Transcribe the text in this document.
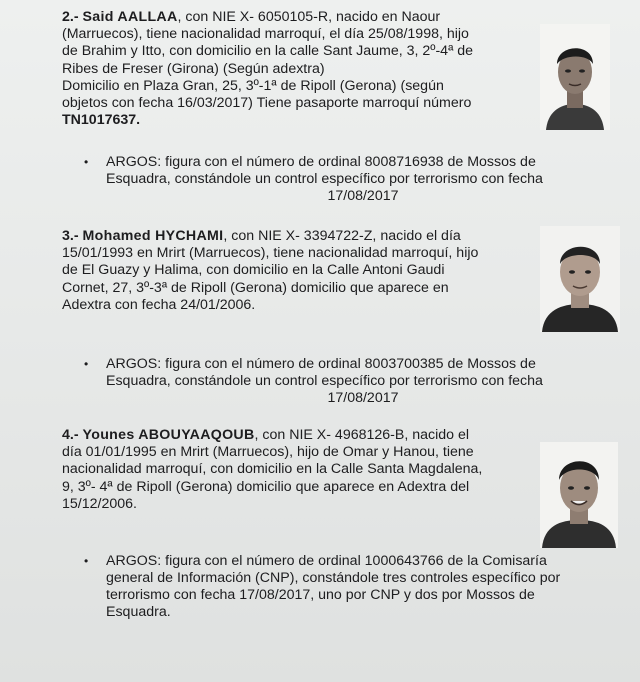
2.- Said AALLAA, con NIE X- 6050105-R, nacido en Naour
(Marruecos), tiene nacionalidad marroquí, el día 25/08/1998, hijo
de Brahim y Itto, con domicilio en la calle Sant Jaume, 3, 2º-4ª de
Ribes de Freser (Girona) (Según adextra)
Domicilio en Plaza Gran, 25, 3º-1ª de Ripoll (Gerona) (según
objetos con fecha 16/03/2017) Tiene pasaporte marroquí número
TN1017637.

• ARGOS: figura con el número de ordinal 8008716938 de Mossos de
Esquadra, constándole un control específico por terrorismo con fecha
17/08/2017

3.- Mohamed HYCHAMI, con NIE X- 3394722-Z, nacido el día
15/01/1993 en Mrirt (Marruecos), tiene nacionalidad marroquí, hijo
de El Guazy y Halima, con domicilio en la Calle Antoni Gaudi
Cornet, 27, 3º-3ª de Ripoll (Gerona) domicilio que aparece en
Adextra con fecha 24/01/2006.

• ARGOS: figura con el número de ordinal 8003700385 de Mossos de
Esquadra, constándole un control específico por terrorismo con fecha
17/08/2017

4.- Younes ABOUYAAQOUB, con NIE X- 4968126-B, nacido el
día 01/01/1995 en Mrirt (Marruecos), hijo de Omar y Hanou, tiene
nacionalidad marroquí, con domicilio en la Calle Santa Magdalena,
9, 3º- 4ª de Ripoll (Gerona) domicilio que aparece en Adextra del
15/12/2006.

• ARGOS: figura con el número de ordinal 1000643766 de la Comisaría
general de Información (CNP), constándole tres controles específico por
terrorismo con fecha 17/08/2017, uno por CNP y dos por Mossos de
Esquadra.
